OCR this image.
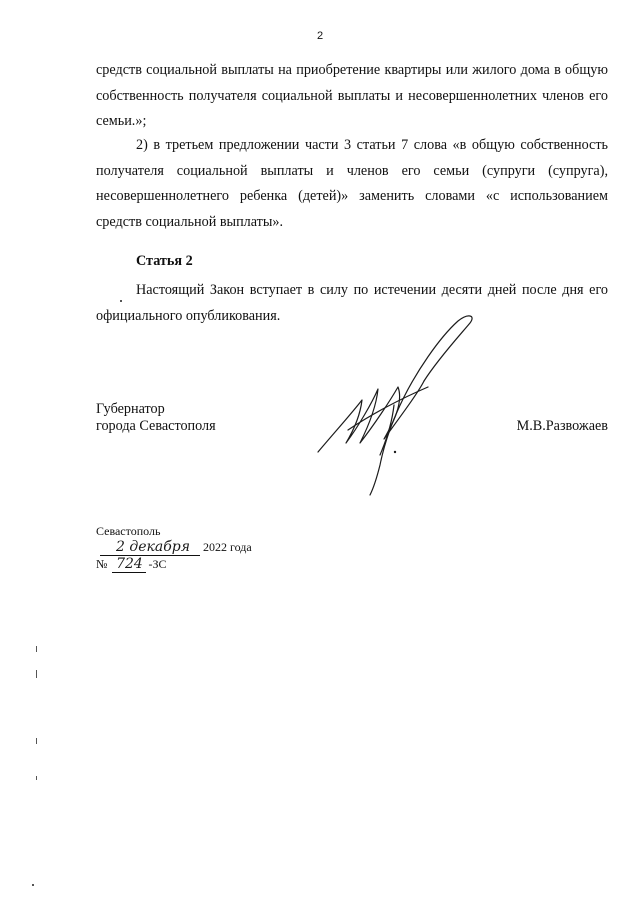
2

средств социальной выплаты на приобретение квартиры или жилого дома в общую собственность получателя социальной выплаты и несовершеннолетних членов его семьи.»;

2) в третьем предложении части 3 статьи 7 слова «в общую собственность получателя социальной выплаты и членов его семьи (супруги (супруга), несовершеннолетнего ребенка (детей)» заменить словами «с использованием средств социальной выплаты».

Статья 2

Настоящий Закон вступает в силу по истечении десяти дней после дня его официального опубликования.

Губернатор
города Севастополя	М.В.Развожаев
Севастополь
2 декабря 2022 года
№ 724 -ЗС
